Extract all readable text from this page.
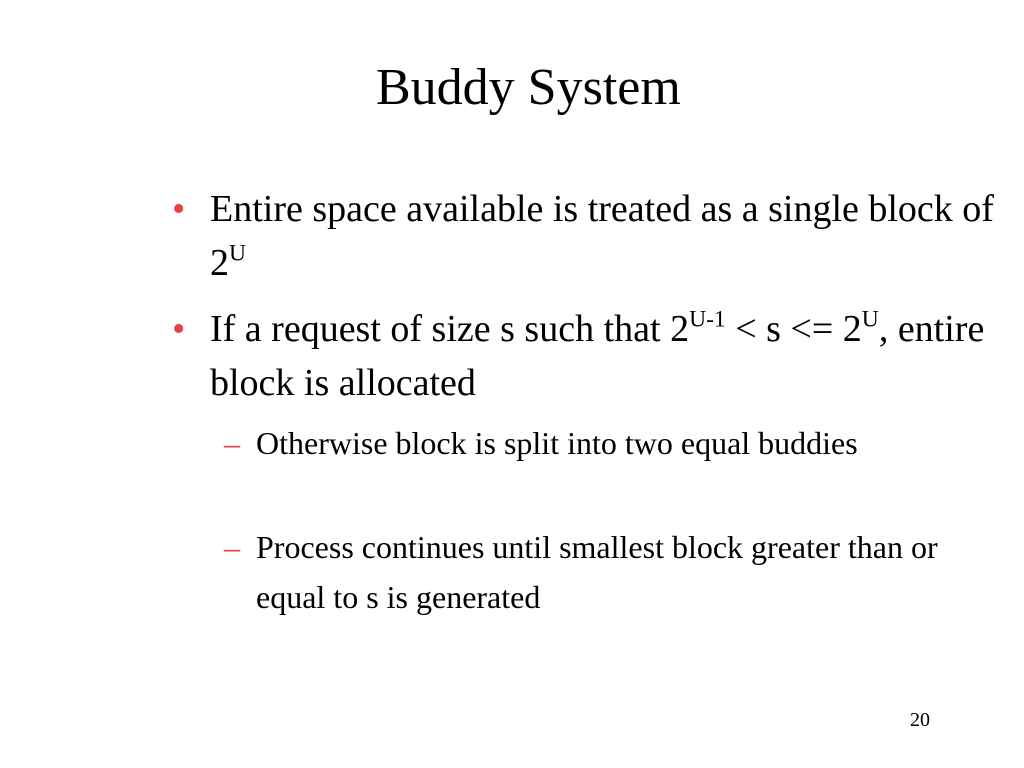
Buddy System
• Entire space available is treated as a single block of $2^U$
• If a request of size s such that $2^{U-1} < s <= 2^U$, entire block is allocated
– Otherwise block is split into two equal buddies
– Process continues until smallest block greater than or equal to s is generated
20
